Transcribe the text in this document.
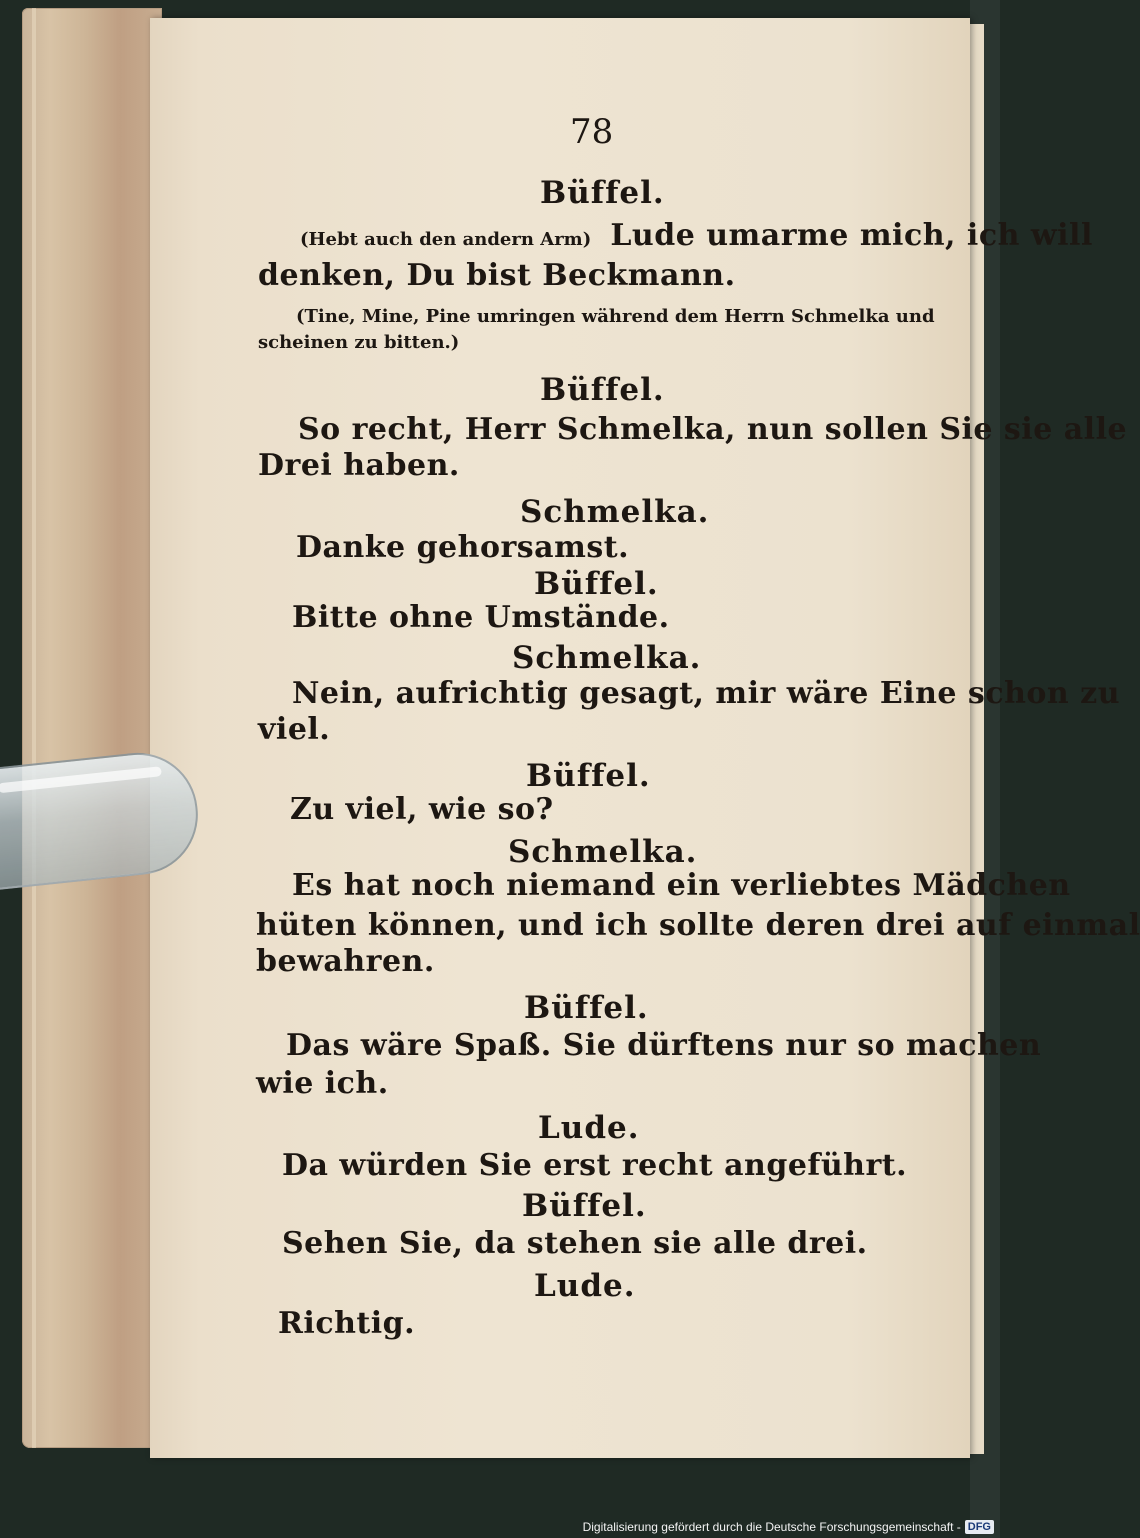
78
Büffel.
(Hebt auch den andern Arm) Lude umarme mich, ich will
denken, Du bist Beckmann.
(Tine, Mine, Pine umringen während dem Herrn Schmelka und
scheinen zu bitten.)
Büffel.
So recht, Herr Schmelka, nun sollen Sie sie alle
Drei haben.
Schmelka.
Danke gehorsamst.
Büffel.
Bitte ohne Umstände.
Schmelka.
Nein, aufrichtig gesagt, mir wäre Eine schon zu
viel.
Büffel.
Zu viel, wie so?
Schmelka.
Es hat noch niemand ein verliebtes Mädchen
hüten können, und ich sollte deren drei auf einmal
bewahren.
Büffel.
Das wäre Spaß. Sie dürftens nur so machen
wie ich.
Lude.
Da würden Sie erst recht angeführt.
Büffel.
Sehen Sie, da stehen sie alle drei.
Lude.
Richtig.
Digitalisierung gefördert durch die Deutsche Forschungsgemeinschaft - DFG
